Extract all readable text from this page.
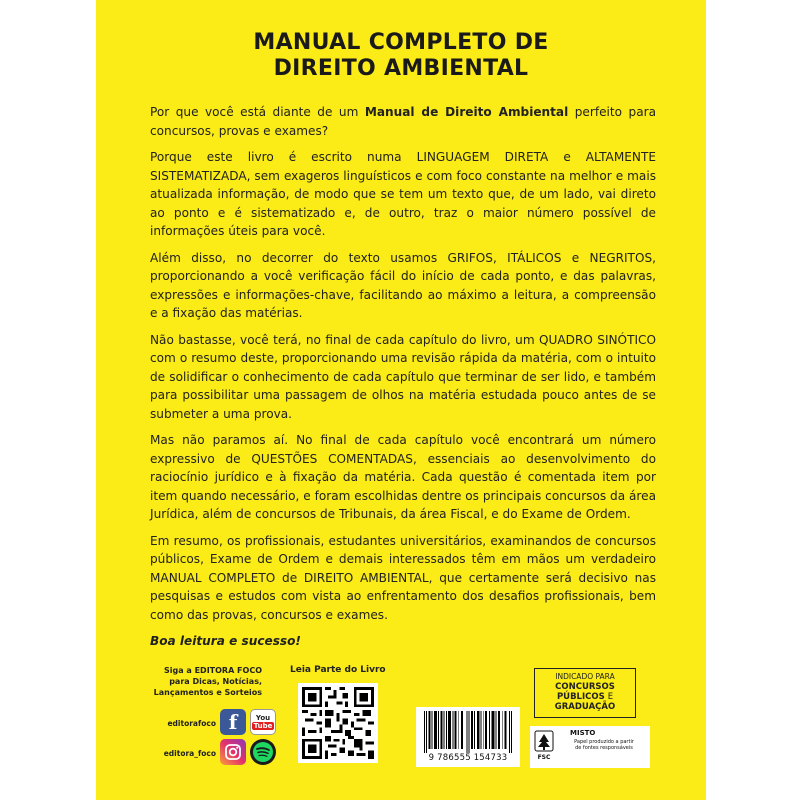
MANUAL COMPLETO DE
DIREITO AMBIENTAL

Por que você está diante de um Manual de Direito Ambiental perfeito para concursos, provas e exames?

Porque este livro é escrito numa LINGUAGEM DIRETA e ALTAMENTE SISTEMATIZADA, sem exageros linguísticos e com foco constante na melhor e mais atualizada informação, de modo que se tem um texto que, de um lado, vai direto ao ponto e é sistematizado e, de outro, traz o maior número possível de informações úteis para você.

Além disso, no decorrer do texto usamos GRIFOS, ITÁLICOS e NEGRITOS, proporcionando a você verificação fácil do início de cada ponto, e das palavras, expressões e informações-chave, facilitando ao máximo a leitura, a compreensão e a fixação das matérias.

Não bastasse, você terá, no final de cada capítulo do livro, um QUADRO SINÓTICO com o resumo deste, proporcionando uma revisão rápida da matéria, com o intuito de solidificar o conhecimento de cada capítulo que terminar de ser lido, e também para possibilitar uma passagem de olhos na matéria estudada pouco antes de se submeter a uma prova.

Mas não paramos aí. No final de cada capítulo você encontrará um número expressivo de QUESTÕES COMENTADAS, essenciais ao desenvolvimento do raciocínio jurídico e à fixação da matéria. Cada questão é comentada item por item quando necessário, e foram escolhidas dentre os principais concursos da área Jurídica, além de concursos de Tribunais, da área Fiscal, e do Exame de Ordem.

Em resumo, os profissionais, estudantes universitários, examinandos de concursos públicos, Exame de Ordem e demais interessados têm em mãos um verdadeiro MANUAL COMPLETO de DIREITO AMBIENTAL, que certamente será decisivo nas pesquisas e estudos com vista ao enfrentamento dos desafios profissionais, bem como das provas, concursos e exames.

Boa leitura e sucesso!

Siga a EDITORA FOCO
para Dicas, Notícias,
Lançamentos e Sorteios
editorafoco f	You
Tube
editora_foco
Leia Parte do Livro
9 786555 154733
INDICADO PARA
CONCURSOS
PÚBLICOS E
GRADUAÇÃO
FSC
MISTO
Papel produzido a partir
de fontes responsáveis
